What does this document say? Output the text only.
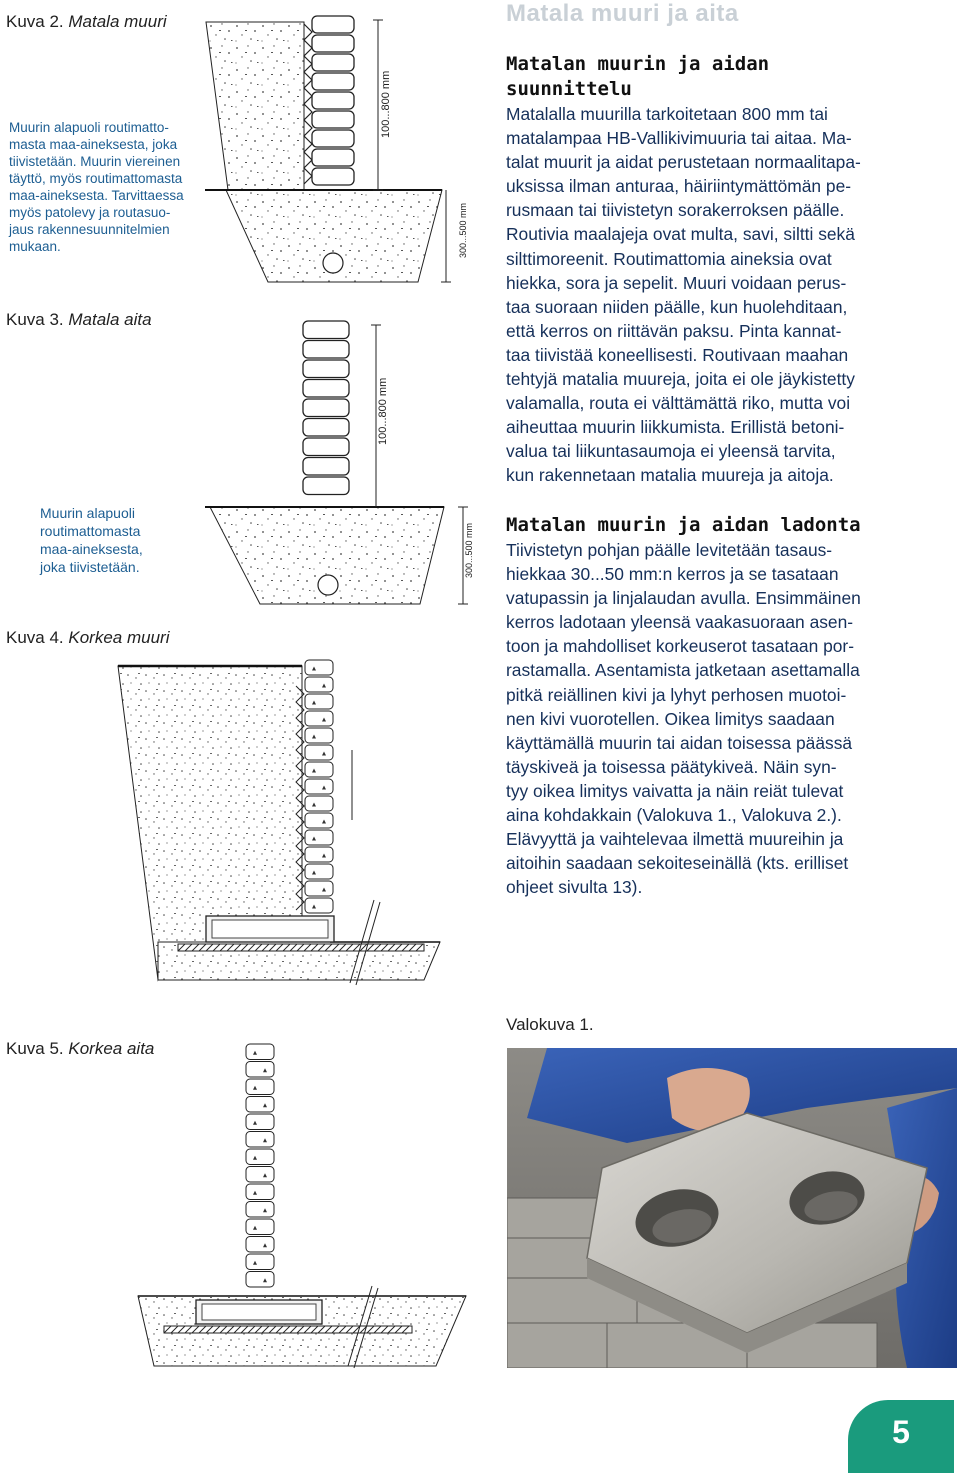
Kuva 2. Matala muuri
Muurin alapuoli routimatto-
masta maa-aineksesta, joka
tiivistetään. Muurin viereinen
täyttö, myös routimattomasta
maa-aineksesta. Tarvittaessa
myös patolevy ja routasuo-
jaus rakennesuunnitelmien
mukaan.
Kuva 3. Matala aita
Muurin alapuoli
routimattomasta
maa-aineksesta,
joka tiivistetään.
Kuva 4. Korkea muuri
Kuva 5. Korkea aita
100...800 mm
300...500 mm
100...800 mm
300...500 mm
Matala muuri ja aita
Matalan muurin ja aidan
suunnittelu
Matalalla muurilla tarkoitetaan 800 mm tai
matalampaa HB-Vallikivimuuria tai aitaa. Ma-
talat muurit ja aidat perustetaan normaalitapa-
uksissa ilman anturaa, häiriintymättömän pe-
rusmaan tai tiivistetyn sorakerroksen päälle.
Routivia maalajeja ovat multa, savi, siltti sekä
silttimoreenit. Routimattomia aineksia ovat
hiekka, sora ja sepelit. Muuri voidaan perus-
taa suoraan niiden päälle, kun huolehditaan,
että kerros on riittävän paksu. Pinta kannat-
taa tiivistää koneellisesti. Routivaan maahan
tehtyjä matalia muureja, joita ei ole jäykistetty
valamalla, routa ei välttämättä riko, mutta voi
aiheuttaa muurin liikkumista. Erillistä betoni-
valua tai liikuntasaumoja ei yleensä tarvita,
kun rakennetaan matalia muureja ja aitoja.
Matalan muurin ja aidan ladonta
Tiivistetyn pohjan päälle levitetään tasaus-
hiekkaa 30...50 mm:n kerros ja se tasataan
vatupassin ja linjalaudan avulla. Ensimmäinen
kerros ladotaan yleensä vaakasuoraan asen-
toon ja mahdolliset korkeuserot tasataan por-
rastamalla. Asentamista jatketaan asettamalla
pitkä reiällinen kivi ja lyhyt perhosen muotoi-
nen kivi vuorotellen. Oikea limitys saadaan
käyttämällä muurin tai aidan toisessa päässä
täyskiveä ja toisessa päätykiveä. Näin syn-
tyy oikea limitys vaivatta ja näin reiät tulevat
aina kohdakkain (Valokuva 1., Valokuva 2.).
Elävyyttä ja vaihtelevaa ilmettä muureihin ja
aitoihin saadaan sekoiteseinällä (kts. erilliset
ohjeet sivulta 13).
Valokuva 1.
5
